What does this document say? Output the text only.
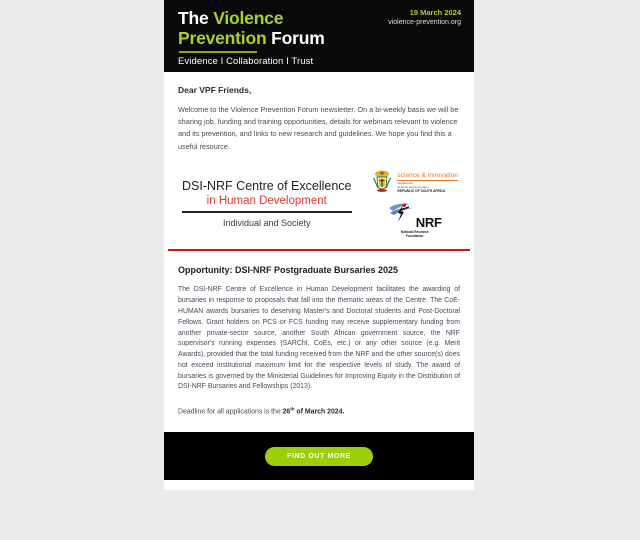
The Violence
Prevention Forum
Evidence I Collaboration I Trust
19 March 2024
violence-prevention.org

Dear VPF Friends,

Welcome to the Violence Prevention Forum newsletter. On a bi-weekly basis we will be sharing job, funding and training opportunities, details for webinars relevant to violence and its prevention, and links to new research and guidelines. We hope you find this a useful resource.

DSI-NRF Centre of Excellence
in Human Development
Individual and Society
science & innovation
Department:
Science and Innovation
REPUBLIC OF SOUTH AFRICA
NRF
National Research
Foundation
Opportunity: DSI-NRF Postgraduate Bursaries 2025

The DSI-NRF Centre of Excellence in Human Development facilitates the awarding of bursaries in response to proposals that fall into the thematic areas of the Centre. The CoE-HUMAN awards bursaries to deserving Master's and Doctoral students and Post-Doctoral Fellows. Grant holders on PCS or FCS funding may receive supplementary funding from another private-sector source, another South African government source, the NRF supervisor's running expenses (SARChI, CoEs, etc.) or any other source (e.g. Merit Awards), provided that the total funding received from the NRF and the other source(s) does not exceed institutional maximum limit for the respective levels of study. The award of bursaries is governed by the Ministerial Guidelines for Improving Equity in the Distribution of DSI-NRF Bursaries and Fellowships (2013).

Deadline for all applications is the 26th of March 2024.

FIND OUT MORE
